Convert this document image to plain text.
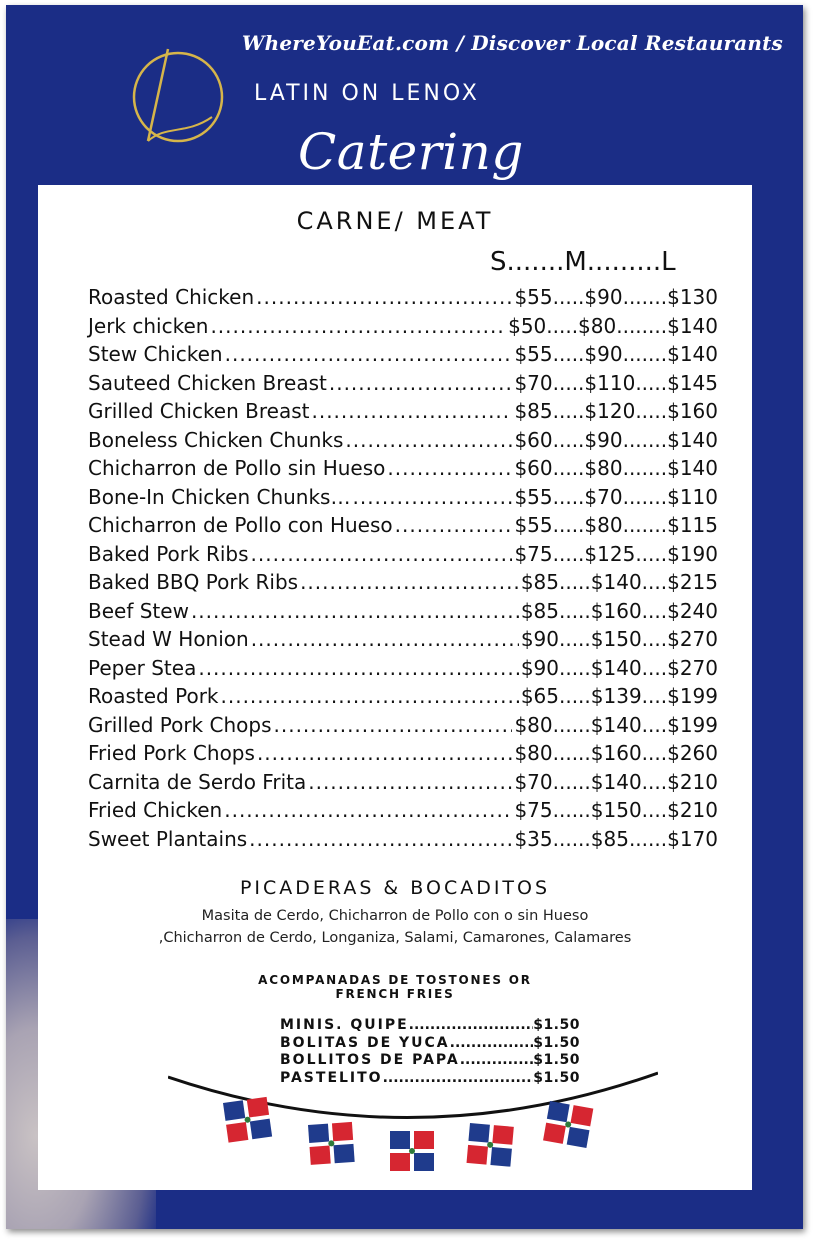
WhereYouEat.com / Discover Local Restaurants
LATIN ON LENOX
Catering
CARNE/ MEAT
S.......M.........L
Roasted Chicken .....	$55.....$90.......$130
Jerk chicken .....	$50.....$80........$140
Stew Chicken .....	$55.....$90.......$140
Sauteed Chicken Breast .....	$70.....$110.....$145
Grilled Chicken Breast .....	$85.....$120.....$160
Boneless Chicken Chunks .....	$60.....$90.......$140
Chicharron de Pollo sin Hueso .....	$60.....$80.......$140
Bone-In Chicken Chunks… .....	$55.....$70.......$110
Chicharron de Pollo con Hueso .....	$55.....$80.......$115
Baked Pork Ribs .....	$75.....$125.....$190
Baked BBQ Pork Ribs .....	$85.....$140....$215
Beef Stew .....	$85.....$160....$240
Stead W Honion .....	$90.....$150....$270
Peper Stea .....	$90.....$140....$270
Roasted Pork .....	$65.....$139....$199
Grilled Pork Chops .....	$80......$140....$199
Fried Pork Chops .....	$80......$160....$260
Carnita de Serdo Frita .....	$70......$140....$210
Fried Chicken .....	$75......$150....$210
Sweet Plantains .....	$35......$85......$170
PICADERAS & BOCADITOS
Masita de Cerdo, Chicharron de Pollo con o sin Hueso
,Chicharron de Cerdo, Longaniza, Salami, Camarones, Calamares
ACOMPANADAS DE TOSTONES OR
FRENCH FRIES
MINIS. QUIPE .....	$1.50
BOLITAS DE YUCA .....	$1.50
BOLLITOS DE PAPA .....	$1.50
PASTELITO .....	$1.50
